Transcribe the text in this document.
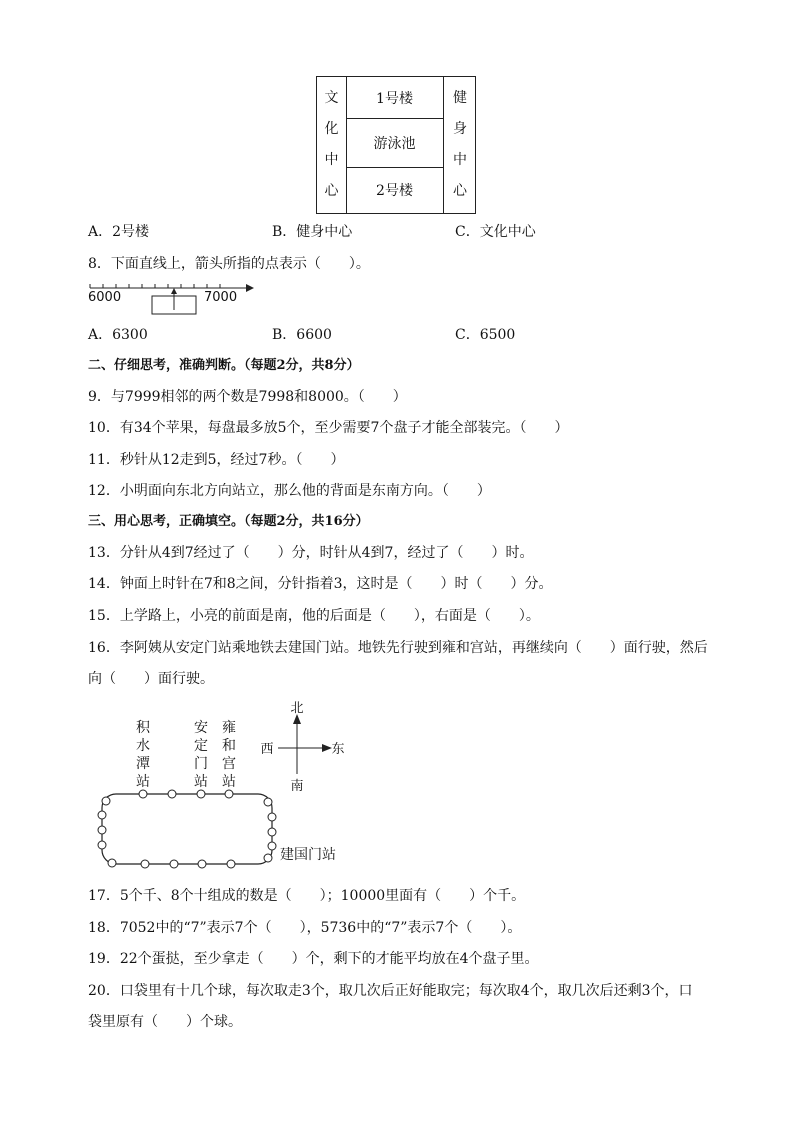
文
化
中
心
1号楼
游泳池
2号楼
健
身
中
心
A．2号楼	B．健身中心	C．文化中心
8．下面直线上，箭头所指的点表示（　　）。
6000	7000
A．6300	B．6600	C．6500
二、仔细思考，准确判断。（每题2分，共8分）
9．与7999相邻的两个数是7998和8000。（　　）
10．有34个苹果，每盘最多放5个，至少需要7个盘子才能全部装完。（　　）
11．秒针从12走到5，经过7秒。（　　）
12．小明面向东北方向站立，那么他的背面是东南方向。（　　）
三、用心思考，正确填空。（每题2分，共16分）
13．分针从4到7经过了（　　）分，时针从4到7，经过了（　　）时。
14．钟面上时针在7和8之间，分针指着3，这时是（　　）时（　　）分。
15．上学路上，小亮的前面是南，他的后面是（　　），右面是（　　）。
16．李阿姨从安定门站乘地铁去建国门站。地铁先行驶到雍和宫站，再继续向（　　）面行驶，然后
向（　　）面行驶。
积
水
潭
站
安
定
门
站
雍
和
宫
站
北
南
西	东
建国门站
17．5个千、8个十组成的数是（　　）；10000里面有（　　）个千。
18．7052中的“7”表示7个（　　），5736中的“7”表示7个（　　）。
19．22个蛋挞，至少拿走（　　）个，剩下的才能平均放在4个盘子里。
20．口袋里有十几个球，每次取走3个，取几次后正好能取完；每次取4个，取几次后还剩3个，口
袋里原有（　　）个球。
